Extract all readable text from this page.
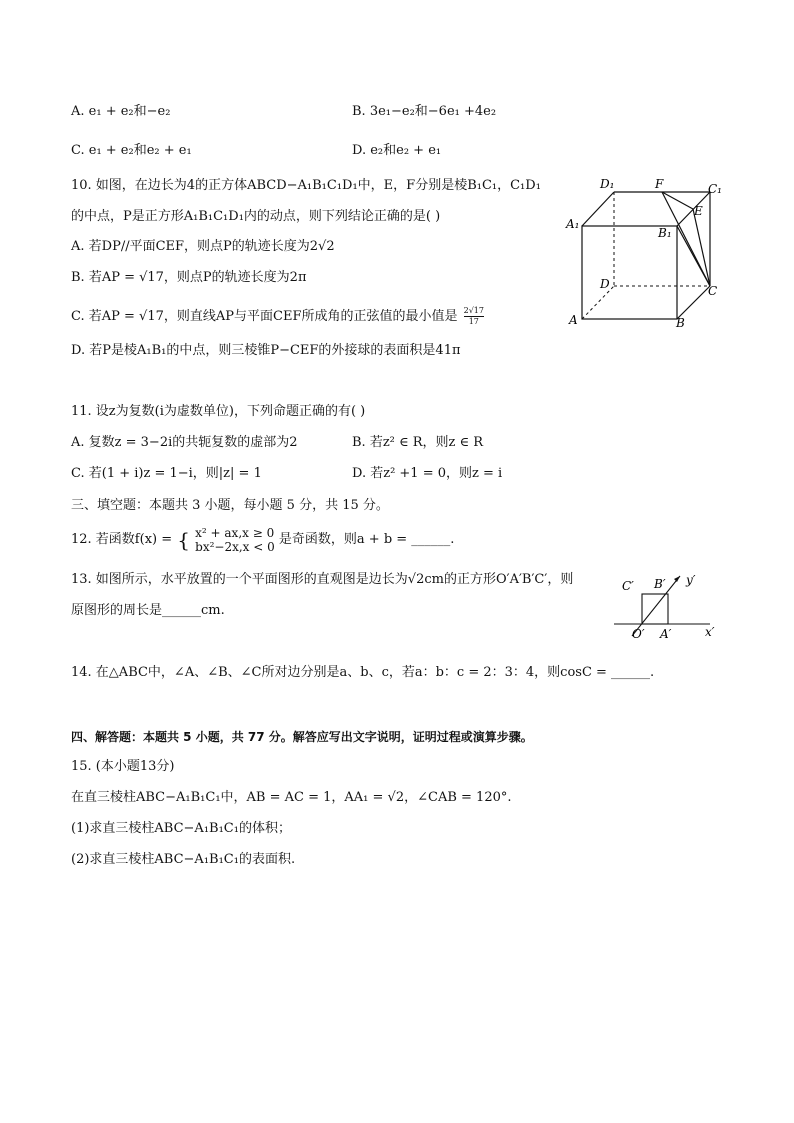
A. e₁ + e₂和−e₂	B. 3e₁−e₂和−6e₁ +4e₂
C. e₁ + e₂和e₂ + e₁	D. e₂和e₂ + e₁
10. 如图，在边长为4的正方体ABCD−A₁B₁C₁D₁中，E，F分别是棱B₁C₁，C₁D₁
的中点，P是正方形A₁B₁C₁D₁内的动点，则下列结论正确的是( )
A. 若DP//平面CEF，则点P的轨迹长度为2√2
B. 若AP = √17，则点P的轨迹长度为2π
C. 若AP = √17，则直线AP与平面CEF所成角的正弦值的最小值是 $\frac{2√17}{17}$
D. 若P是棱A₁B₁的中点，则三棱锥P−CEF的外接球的表面积是41π
D₁	F	C₁
A₁
E
B₁
D	C
A	B
11. 设z为复数(i为虚数单位)，下列命题正确的有( )
A. 复数z = 3−2i的共轭复数的虚部为2	B. 若z² ∈ R，则z ∈ R
C. 若(1 + i)z = 1−i，则|z| = 1	D. 若z² +1 = 0，则z = i
三、填空题：本题共 3 小题，每小题 5 分，共 15 分。
12. 若函数f(x) = { x² + ax,x ≥ 0
bx²−2x,x < 0 是奇函数，则a + b = ______.
13. 如图所示，水平放置的一个平面图形的直观图是边长为√2cm的正方形O′A′B′C′，则
原图形的周长是______cm.
C′ B′ y′
O′ A′	x′
14. 在△ABC中，∠A、∠B、∠C所对边分别是a、b、c，若a：b：c = 2：3：4，则cosC = ______.
四、解答题：本题共 5 小题，共 77 分。解答应写出文字说明，证明过程或演算步骤。
15. (本小题13分)
在直三棱柱ABC−A₁B₁C₁中，AB = AC = 1，AA₁ = √2，∠CAB = 120°.
(1)求直三棱柱ABC−A₁B₁C₁的体积；
(2)求直三棱柱ABC−A₁B₁C₁的表面积.
